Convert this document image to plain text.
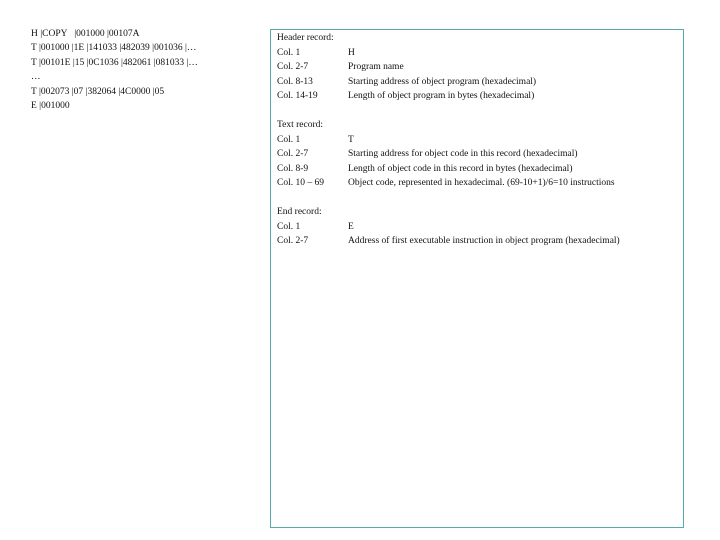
H |COPY   |001000 |00107A
T |001000 |1E |141033 |482039 |001036 |…
T |00101E |15 |0C1036 |482061 |081033 |…
…
T |002073 |07 |382064 |4C0000 |05
E |001000
Header record:
Col. 1	H
Col. 2-7	Program name
Col. 8-13	Starting address of object program (hexadecimal)
Col. 14-19	Length of object program in bytes (hexadecimal)
Text record:
Col. 1	T
Col. 2-7	Starting address for object code in this record (hexadecimal)
Col. 8-9	Length of object code in this record in bytes (hexadecimal)
Col. 10 – 69	Object code, represented in hexadecimal. (69-10+1)/6=10 instructions
End record:
Col. 1	E
Col. 2-7	Address of first executable instruction in object program (hexadecimal)
